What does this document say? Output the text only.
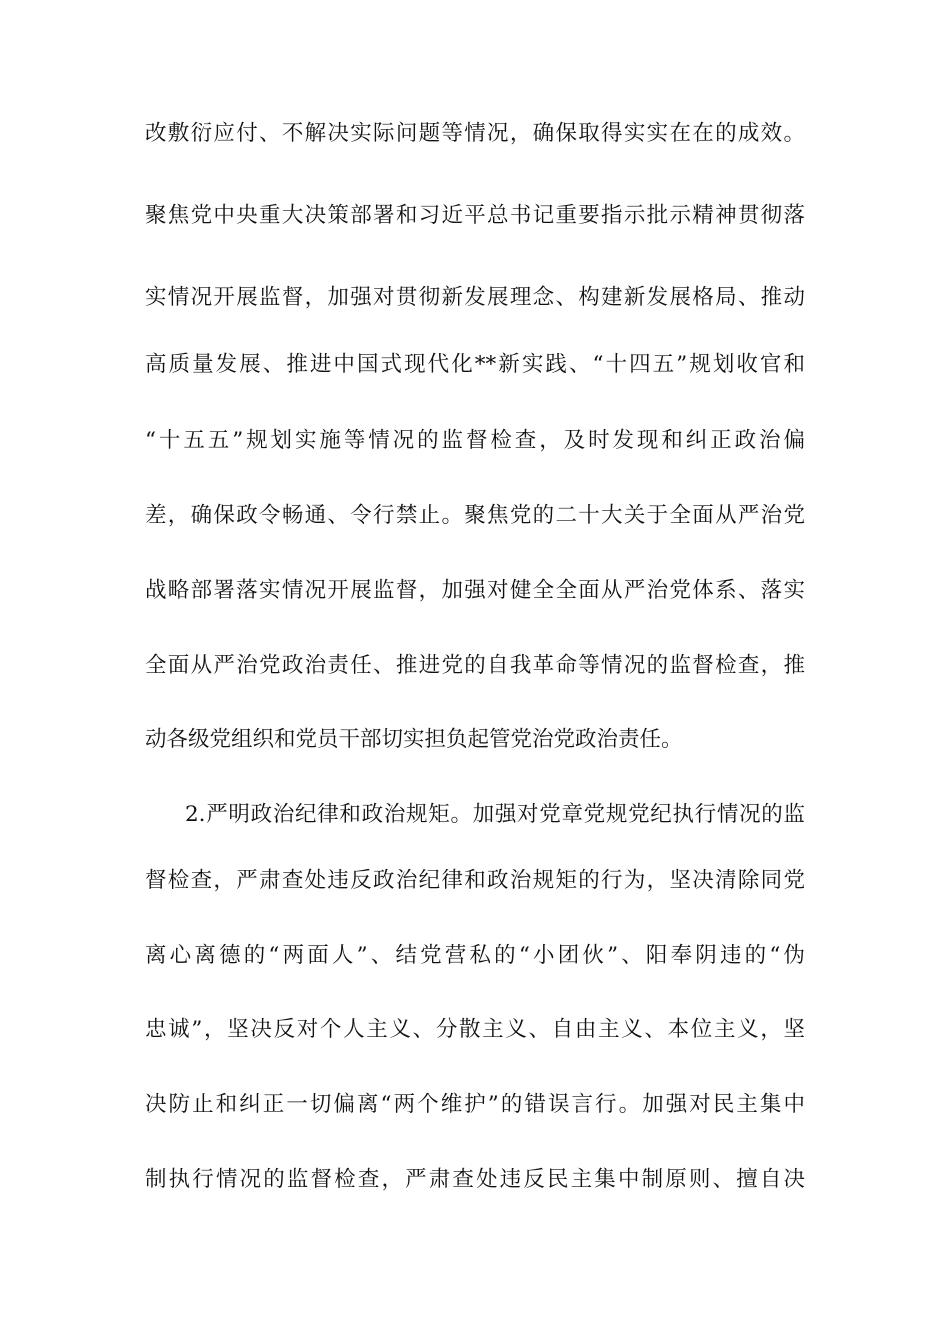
改敷衍应付、不解决实际问题等情况，确保取得实实在在的成效。
聚焦党中央重大决策部署和习近平总书记重要指示批示精神贯彻落
实情况开展监督，加强对贯彻新发展理念、构建新发展格局、推动
高质量发展、推进中国式现代化**新实践、“十四五”规划收官和
“十五五”规划实施等情况的监督检查，及时发现和纠正政治偏
差，确保政令畅通、令行禁止。聚焦党的二十大关于全面从严治党
战略部署落实情况开展监督，加强对健全全面从严治党体系、落实
全面从严治党政治责任、推进党的自我革命等情况的监督检查，推
动各级党组织和党员干部切实担负起管党治党政治责任。
2.严明政治纪律和政治规矩。加强对党章党规党纪执行情况的监
督检查，严肃查处违反政治纪律和政治规矩的行为，坚决清除同党
离心离德的“两面人”、结党营私的“小团伙”、阳奉阴违的“伪
忠诚”，坚决反对个人主义、分散主义、自由主义、本位主义，坚
决防止和纠正一切偏离“两个维护”的错误言行。加强对民主集中
制执行情况的监督检查，严肃查处违反民主集中制原则、擅自决
